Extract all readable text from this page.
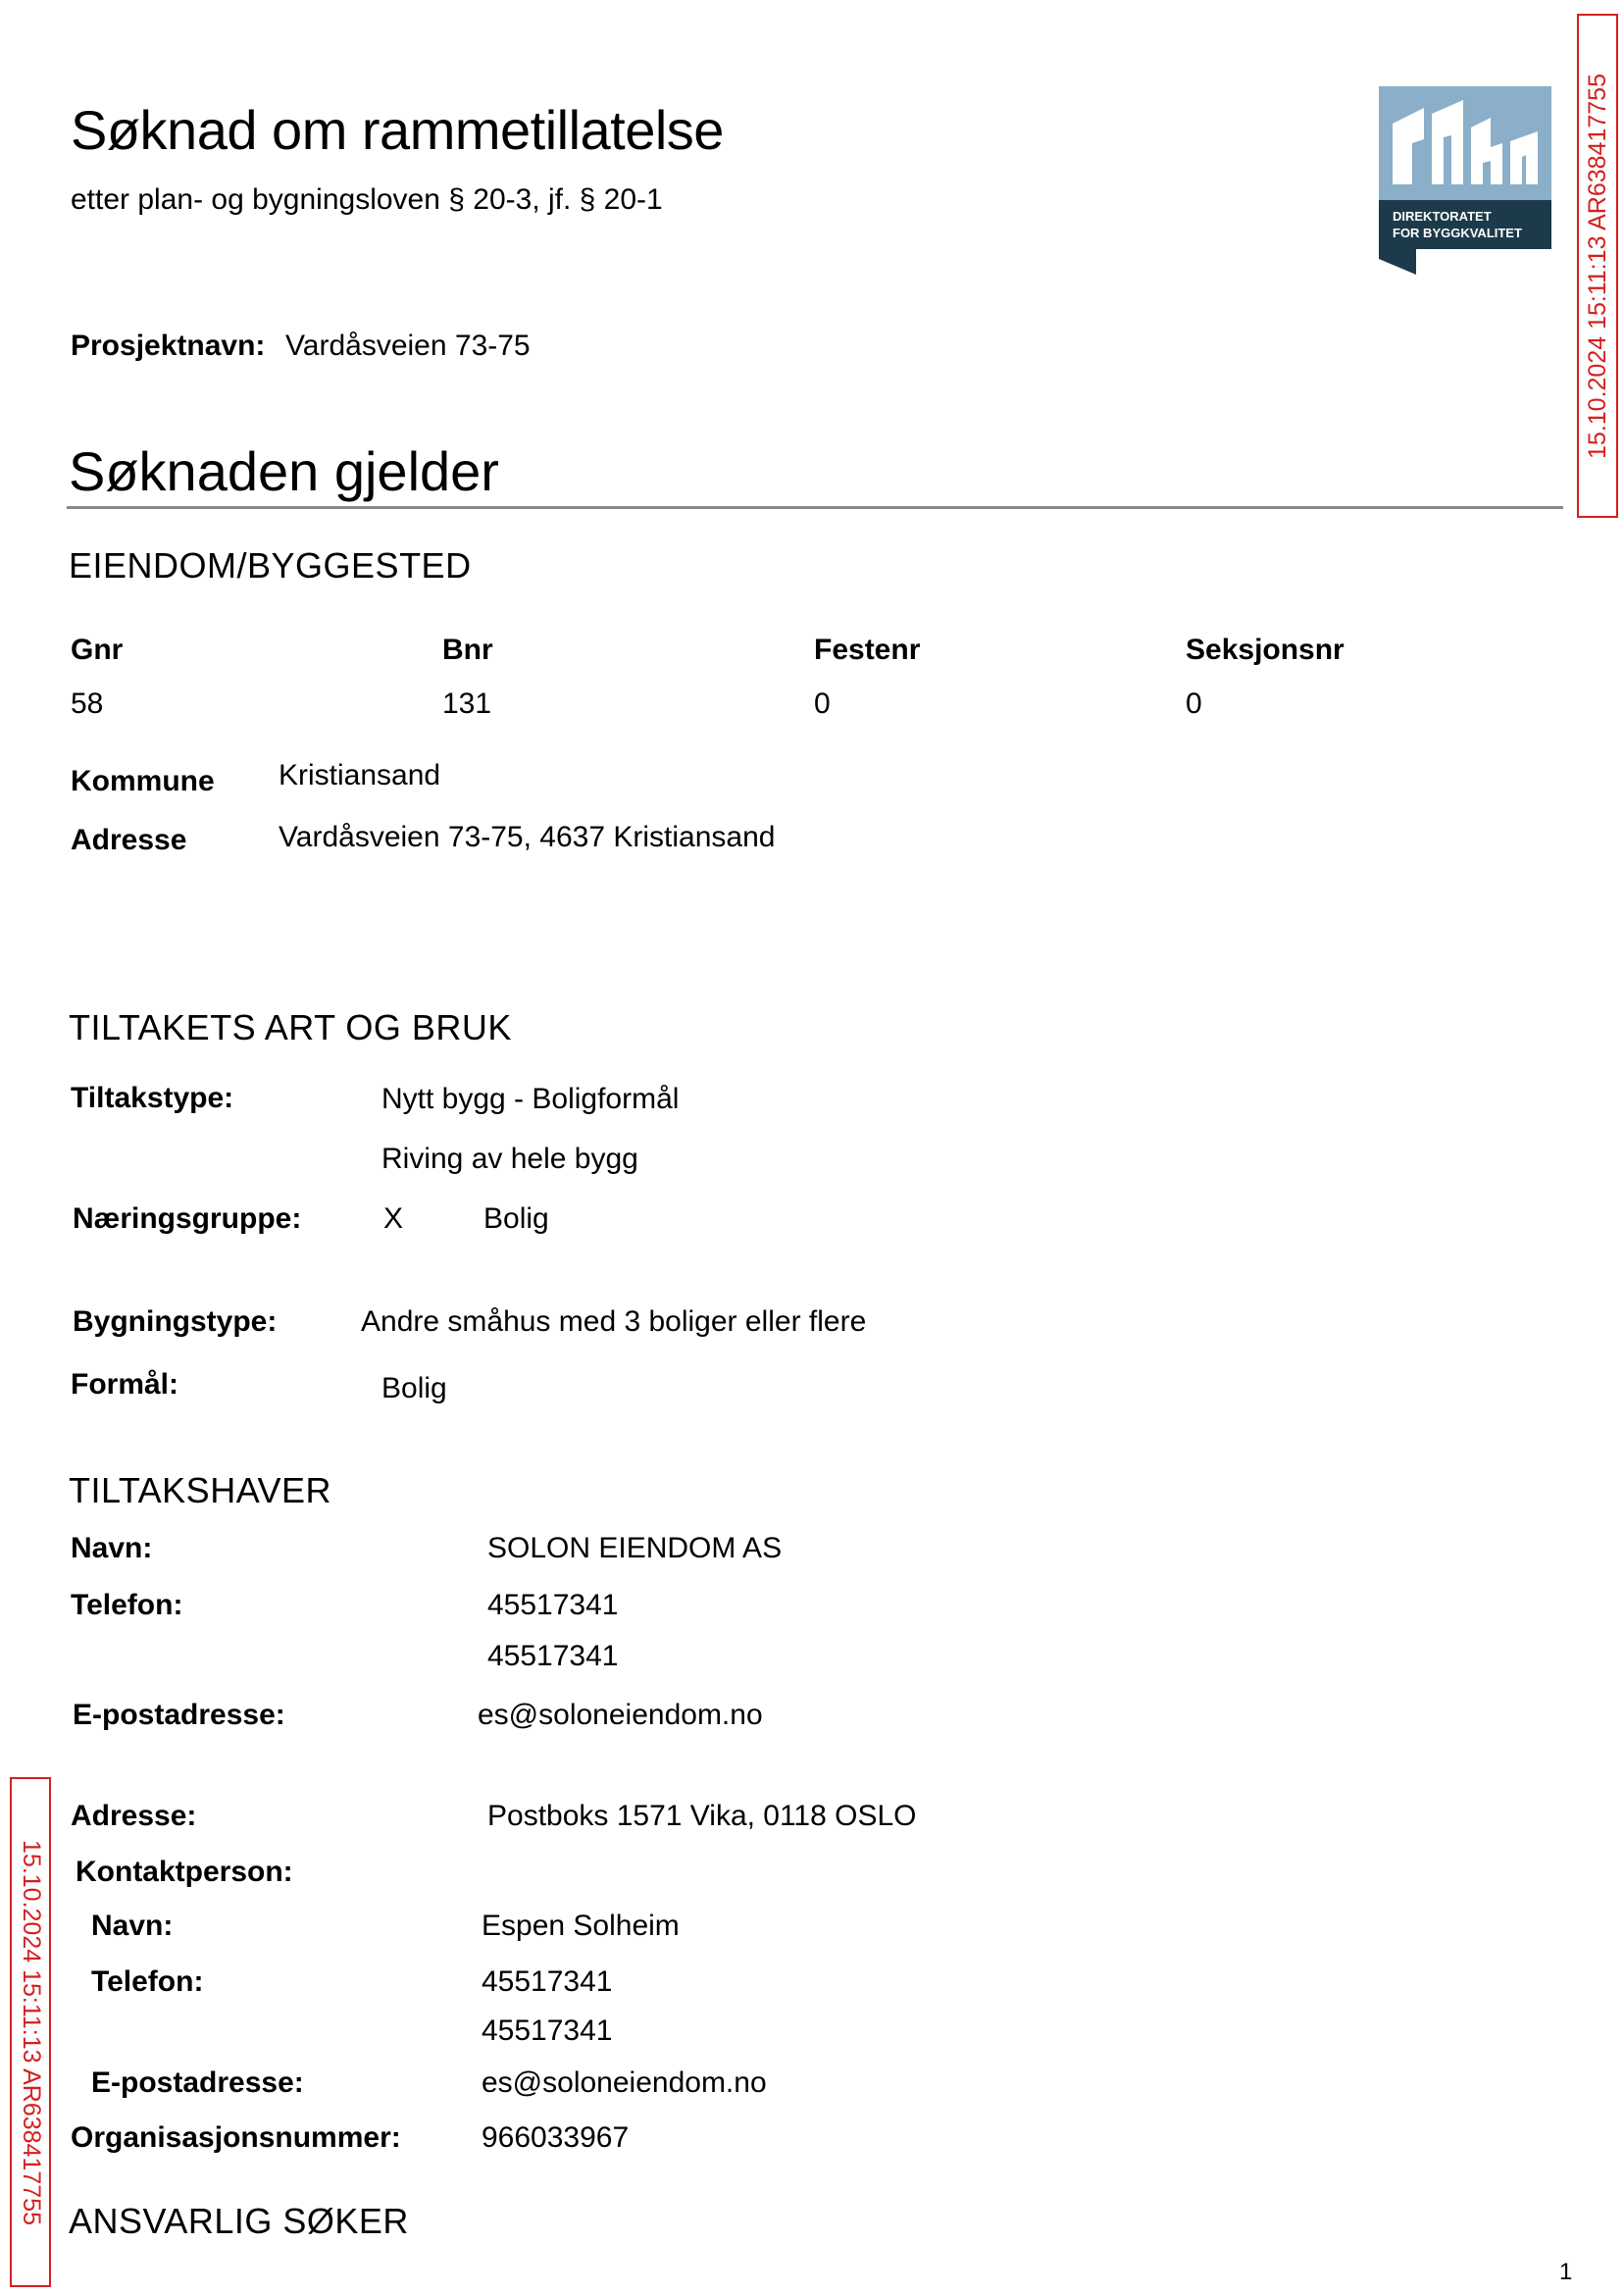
Søknad om rammetillatelse
etter plan- og bygningsloven § 20-3, jf. § 20-1
DIREKTORATET
FOR BYGGKVALITET	15.10.2024 15:11:13 AR638417755
15.10.2024 15:11:13 AR638417755
Prosjektnavn: Vardåsveien 73-75
Søknaden gjelder
EIENDOM/BYGGESTED
Gnr	Bnr	Festenr	Seksjonsnr
58	131	0	0
Kommune Kristiansand
Adresse	Vardåsveien 73-75, 4637 Kristiansand
TILTAKETS ART OG BRUK
Tiltakstype:	Nytt bygg - Boligformål
Riving av hele bygg
Næringsgruppe:	X	Bolig
Bygningstype:	Andre småhus med 3 boliger eller flere
Formål:	Bolig
TILTAKSHAVER
Navn:	SOLON EIENDOM AS
Telefon:	45517341
45517341
E-postadresse:	es@soloneiendom.no
Adresse:	Postboks 1571 Vika, 0118 OSLO
Kontaktperson:
Navn:	Espen Solheim
Telefon:	45517341
45517341
E-postadresse:	es@soloneiendom.no
Organisasjonsnummer:	966033967
ANSVARLIG SØKER
1
